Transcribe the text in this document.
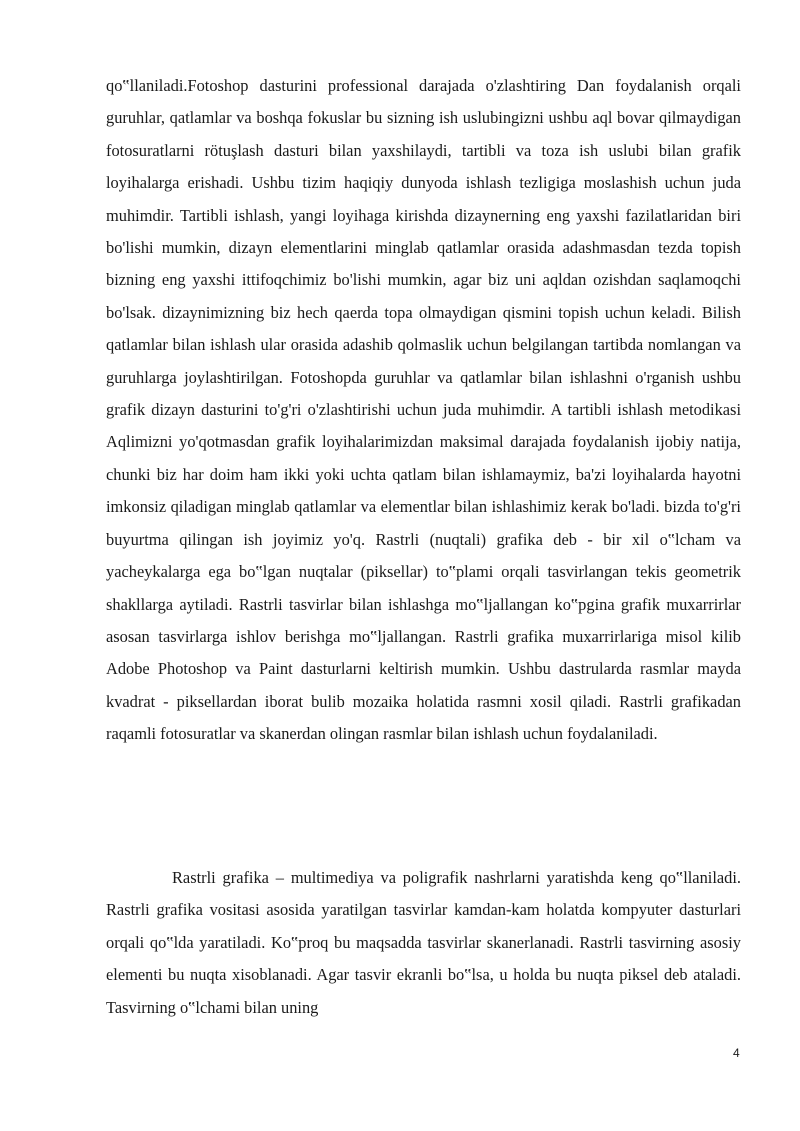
qo‟llaniladi.Fotoshop dasturini professional darajada o'zlashtiring Dan foydalanish orqali guruhlar, qatlamlar va boshqa fokuslar bu sizning ish uslubingizni ushbu aql bovar qilmaydigan fotosuratlarni rötuşlash dasturi bilan yaxshilaydi, tartibli va toza ish uslubi bilan grafik loyihalarga erishadi. Ushbu tizim haqiqiy dunyoda ishlash tezligiga moslashish uchun juda muhimdir. Tartibli ishlash, yangi loyihaga kirishda dizaynerning eng yaxshi fazilatlaridan biri bo'lishi mumkin, dizayn elementlarini minglab qatlamlar orasida adashmasdan tezda topish bizning eng yaxshi ittifoqchimiz bo'lishi mumkin, agar biz uni aqldan ozishdan saqlamoqchi bo'lsak. dizaynimizning biz hech qaerda topa olmaydigan qismini topish uchun keladi. Bilish qatlamlar bilan ishlash ular orasida adashib qolmaslik uchun belgilangan tartibda nomlangan va guruhlarga joylashtirilgan. Fotoshopda guruhlar va qatlamlar bilan ishlashni o'rganish ushbu grafik dizayn dasturini to'g'ri o'zlashtirishi uchun juda muhimdir. A tartibli ishlash metodikasi Aqlimizni yo'qotmasdan grafik loyihalarimizdan maksimal darajada foydalanish ijobiy natija, chunki biz har doim ham ikki yoki uchta qatlam bilan ishlamaymiz, ba'zi loyihalarda hayotni imkonsiz qiladigan minglab qatlamlar va elementlar bilan ishlashimiz kerak bo'ladi. bizda to'g'ri buyurtma qilingan ish joyimiz yo'q. Rastrli (nuqtali) grafika deb - bir xil o‟lcham va yacheykalarga ega bo‟lgan nuqtalar (piksellar) to‟plami orqali tasvirlangan tekis geometrik shakllarga aytiladi. Rastrli tasvirlar bilan ishlashga mo‟ljallangan ko‟pgina grafik muxarrirlar asosan tasvirlarga ishlov berishga mo‟ljallangan. Rastrli grafika muxarrirlariga misol kilib Adobe Photoshop va Paint dasturlarni keltirish mumkin. Ushbu dastrularda rasmlar mayda kvadrat - piksellardan iborat bulib mozaika holatida rasmni xosil qiladi. Rastrli grafikadan raqamli fotosuratlar va skanerdan olingan rasmlar bilan ishlash uchun foydalaniladi.

Rastrli grafika – multimediya va poligrafik nashrlarni yaratishda keng qo‟llaniladi. Rastrli grafika vositasi asosida yaratilgan tasvirlar kamdan-kam holatda kompyuter dasturlari orqali qo‟lda yaratiladi. Ko‟proq bu maqsadda tasvirlar skanerlanadi. Rastrli tasvirning asosiy elementi bu nuqta xisoblanadi. Agar tasvir ekranli bo‟lsa, u holda bu nuqta piksel deb ataladi. Tasvirning o‟lchami bilan uning

4
